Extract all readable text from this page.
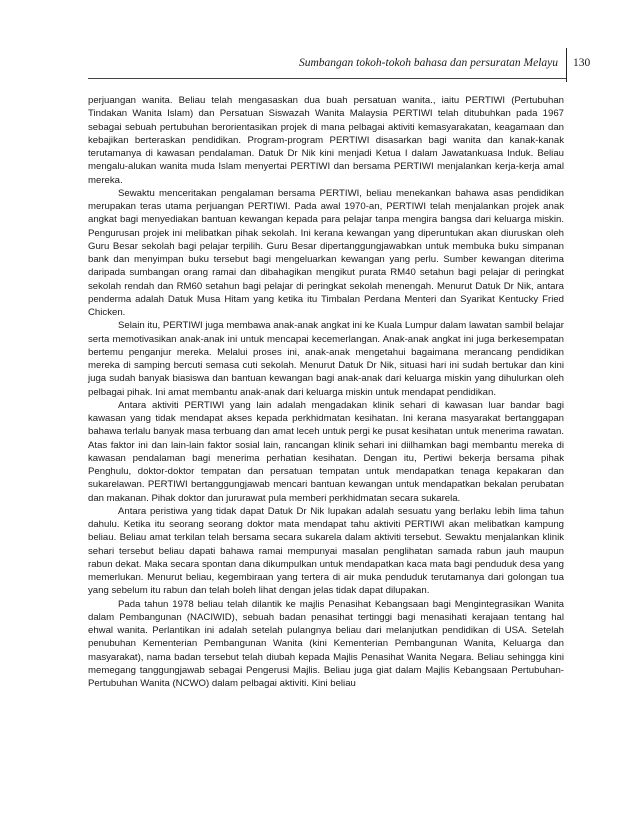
Sumbangan tokoh-tokoh bahasa dan persuratan Melayu 130

perjuangan wanita. Beliau telah mengasaskan dua buah persatuan wanita., iaitu PERTIWI (Pertubuhan Tindakan Wanita Islam) dan Persatuan Siswazah Wanita Malaysia PERTIWI telah ditubuhkan pada 1967 sebagai sebuah pertubuhan berorientasikan projek di mana pelbagai aktiviti kemasyarakatan, keagamaan dan kebajikan berteraskan pendidikan. Program-program PERTIWI disasarkan bagi wanita dan kanak-kanak terutamanya di kawasan pendalaman. Datuk Dr Nik kini menjadi Ketua I dalam Jawatankuasa Induk. Beliau mengalu-alukan wanita muda Islam menyertai PERTIWI dan bersama PERTIWI menjalankan kerja-kerja amal mereka.

Sewaktu menceritakan pengalaman bersama PERTIWI, beliau menekankan bahawa asas pendidikan merupakan teras utama perjuangan PERTIWI. Pada awal 1970-an, PERTIWI telah menjalankan projek anak angkat bagi menyediakan bantuan kewangan kepada para pelajar tanpa mengira bangsa dari keluarga miskin. Pengurusan projek ini melibatkan pihak sekolah. Ini kerana kewangan yang diperuntukan akan diuruskan oleh Guru Besar sekolah bagi pelajar terpilih. Guru Besar dipertanggungjawabkan untuk membuka buku simpanan bank dan menyimpan buku tersebut bagi mengeluarkan kewangan yang perlu. Sumber kewangan diterima daripada sumbangan orang ramai dan dibahagikan mengikut purata RM40 setahun bagi pelajar di peringkat sekolah rendah dan RM60 setahun bagi pelajar di peringkat sekolah menengah. Menurut Datuk Dr Nik, antara penderma adalah Datuk Musa Hitam yang ketika itu Timbalan Perdana Menteri dan Syarikat Kentucky Fried Chicken.

Selain itu, PERTIWI juga membawa anak-anak angkat ini ke Kuala Lumpur dalam lawatan sambil belajar serta memotivasikan anak-anak ini untuk mencapai kecemerlangan. Anak-anak angkat ini juga berkesempatan bertemu penganjur mereka. Melalui proses ini, anak-anak mengetahui bagaimana merancang pendidikan mereka di samping bercuti semasa cuti sekolah. Menurut Datuk Dr Nik, situasi hari ini sudah bertukar dan kini juga sudah banyak biasiswa dan bantuan kewangan bagi anak-anak dari keluarga miskin yang dihulurkan oleh pelbagai pihak. Ini amat membantu anak-anak dari keluarga miskin untuk mendapat pendidikan.

Antara aktiviti PERTIWI yang lain adalah mengadakan klinik sehari di kawasan luar bandar bagi kawasan yang tidak mendapat akses kepada perkhidmatan kesihatan. Ini kerana masyarakat bertanggapan bahawa terlalu banyak masa terbuang dan amat leceh untuk pergi ke pusat kesihatan untuk menerima rawatan. Atas faktor ini dan lain-lain faktor sosial lain, rancangan klinik sehari ini diilhamkan bagi membantu mereka di kawasan pendalaman bagi menerima perhatian kesihatan. Dengan itu, Pertiwi bekerja bersama pihak Penghulu, doktor-doktor tempatan dan persatuan tempatan untuk mendapatkan tenaga kepakaran dan sukarelawan. PERTIWI bertanggungjawab mencari bantuan kewangan untuk mendapatkan bekalan perubatan dan makanan. Pihak doktor dan jururawat pula memberi perkhidmatan secara sukarela.

Antara peristiwa yang tidak dapat Datuk Dr Nik lupakan adalah sesuatu yang berlaku lebih lima tahun dahulu. Ketika itu seorang seorang doktor mata mendapat tahu aktiviti PERTIWI akan melibatkan kampung beliau. Beliau amat terkilan telah bersama secara sukarela dalam aktiviti tersebut. Sewaktu menjalankan klinik sehari tersebut beliau dapati bahawa ramai mempunyai masalan penglihatan samada rabun jauh maupun rabun dekat. Maka secara spontan dana dikumpulkan untuk mendapatkan kaca mata bagi penduduk desa yang memerlukan. Menurut beliau, kegembiraan yang tertera di air muka penduduk terutamanya dari golongan tua yang sebelum itu rabun dan telah boleh lihat dengan jelas tidak dapat dilupakan.

Pada tahun 1978 beliau telah dilantik ke majlis Penasihat Kebangsaan bagi Mengintegrasikan Wanita dalam Pembangunan (NACIWID), sebuah badan penasihat tertinggi bagi menasihati kerajaan tentang hal ehwal wanita. Perlantikan ini adalah setelah pulangnya beliau dari melanjutkan pendidikan di USA. Setelah penubuhan Kementerian Pembangunan Wanita (kini Kementerian Pembangunan Wanita, Keluarga dan masyarakat), nama badan tersebut telah diubah kepada Majlis Penasihat Wanita Negara. Beliau sehingga kini memegang tanggungjawab sebagai Pengerusi Majlis. Beliau juga giat dalam Majlis Kebangsaan Pertubuhan-Pertubuhan Wanita (NCWO) dalam pelbagai aktiviti. Kini beliau
